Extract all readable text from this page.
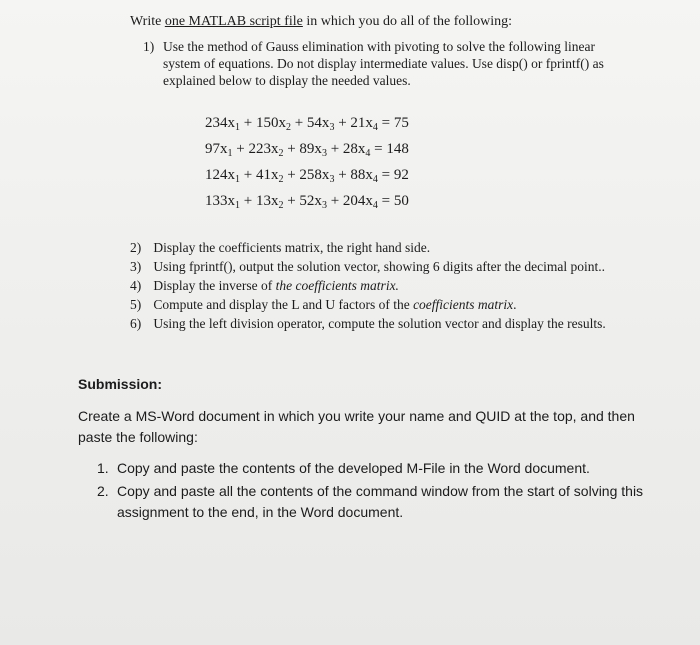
Write one MATLAB script file in which you do all of the following:
1) Use the method of Gauss elimination with pivoting to solve the following linear system of equations. Do not display intermediate values. Use disp() or fprintf() as explained below to display the needed values.
$234x_1 + 150x_2 + 54x_3 + 21x_4 = 75$
$97x_1 + 223x_2 + 89x_3 + 28x_4 = 148$
$124x_1 + 41x_2 + 258x_3 + 88x_4 = 92$
$133x_1 + 13x_2 + 52x_3 + 204x_4 = 50$
2) Display the coefficients matrix, the right hand side.
3) Using fprintf(), output the solution vector, showing 6 digits after the decimal point..
4) Display the inverse of the coefficients matrix.
5) Compute and display the L and U factors of the coefficients matrix.
6) Using the left division operator, compute the solution vector and display the results.
Submission:
Create a MS-Word document in which you write your name and QUID at the top, and then paste the following:
1. Copy and paste the contents of the developed M-File in the Word document.
2. Copy and paste all the contents of the command window from the start of solving this assignment to the end, in the Word document.
